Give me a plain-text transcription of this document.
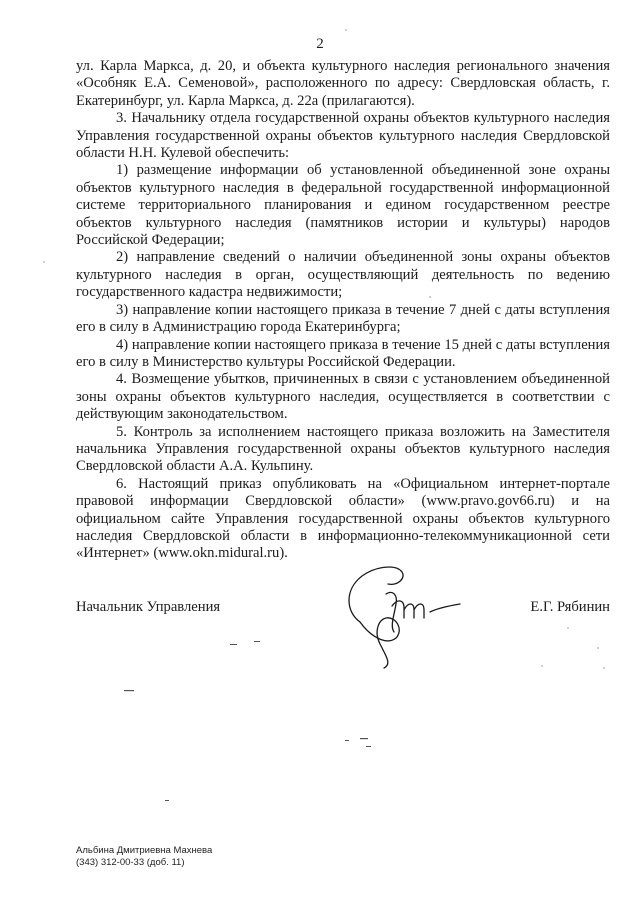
2

ул. Карла Маркса, д. 20, и объекта культурного наследия регионального значения «Особняк Е.А. Семеновой», расположенного по адресу: Свердловская область, г. Екатеринбург, ул. Карла Маркса, д. 22а (прилагаются).

3. Начальнику отдела государственной охраны объектов культурного наследия Управления государственной охраны объектов культурного наследия Свердловской области Н.Н. Кулевой обеспечить:

1) размещение информации об установленной объединенной зоне охраны объектов культурного наследия в федеральной государственной информационной системе территориального планирования и едином государственном реестре объектов культурного наследия (памятников истории и культуры) народов Российской Федерации;

2) направление сведений о наличии объединенной зоны охраны объектов культурного наследия в орган, осуществляющий деятельность по ведению государственного кадастра недвижимости;

3) направление копии настоящего приказа в течение 7 дней с даты вступления его в силу в Администрацию города Екатеринбурга;

4) направление копии настоящего приказа в течение 15 дней с даты вступления его в силу в Министерство культуры Российской Федерации.

4. Возмещение убытков, причиненных в связи с установлением объединенной зоны охраны объектов культурного наследия, осуществляется в соответствии с действующим законодательством.

5. Контроль за исполнением настоящего приказа возложить на Заместителя начальника Управления государственной охраны объектов культурного наследия Свердловской области А.А. Кульпину.

6. Настоящий приказ опубликовать на «Официальном интернет-портале правовой информации Свердловской области» (www.pravo.gov66.ru) и на официальном сайте Управления государственной охраны объектов культурного наследия Свердловской области в информационно-телекоммуникационной сети «Интернет» (www.okn.midural.ru).

Начальник Управления	Е.Г. Рябинин
Альбина Дмитриевна Махнева
(343) 312-00-33 (доб. 11)
